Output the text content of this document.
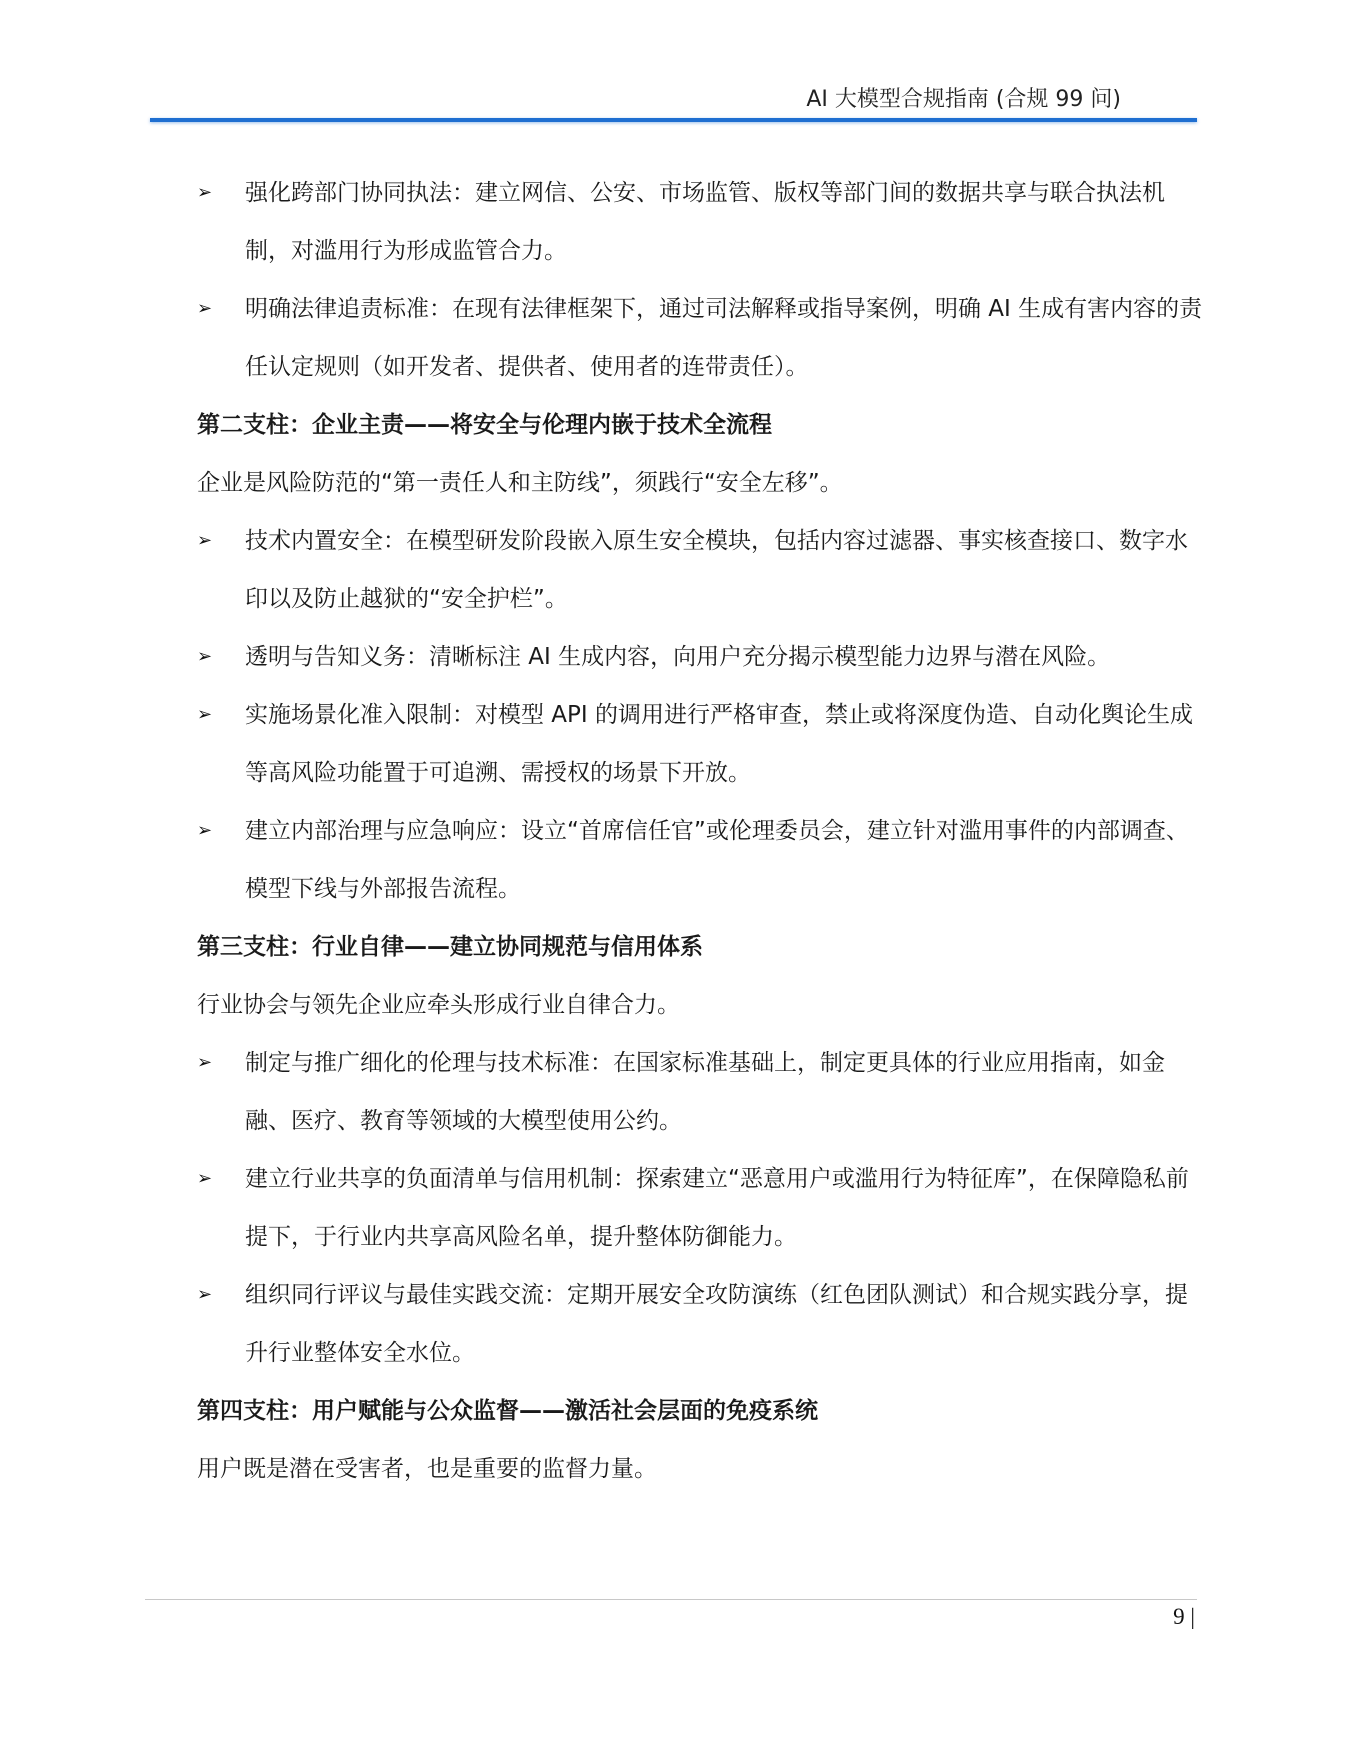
AI 大模型合规指南 (合规 99 问)
➢ 强化跨部门协同执法：建立网信、公安、市场监管、版权等部门间的数据共享与联合执法机制，对滥用行为形成监管合力。
➢ 明确法律追责标准：在现有法律框架下，通过司法解释或指导案例，明确 AI 生成有害内容的责任认定规则（如开发者、提供者、使用者的连带责任）。
第二支柱：企业主责——将安全与伦理内嵌于技术全流程
企业是风险防范的“第一责任人和主防线”，须践行“安全左移”。
➢ 技术内置安全：在模型研发阶段嵌入原生安全模块，包括内容过滤器、事实核查接口、数字水印以及防止越狱的“安全护栏”。
➢ 透明与告知义务：清晰标注 AI 生成内容，向用户充分揭示模型能力边界与潜在风险。
➢ 实施场景化准入限制：对模型 API 的调用进行严格审查，禁止或将深度伪造、自动化舆论生成等高风险功能置于可追溯、需授权的场景下开放。
➢ 建立内部治理与应急响应：设立“首席信任官”或伦理委员会，建立针对滥用事件的内部调查、模型下线与外部报告流程。
第三支柱：行业自律——建立协同规范与信用体系
行业协会与领先企业应牵头形成行业自律合力。
➢ 制定与推广细化的伦理与技术标准：在国家标准基础上，制定更具体的行业应用指南，如金融、医疗、教育等领域的大模型使用公约。
➢ 建立行业共享的负面清单与信用机制：探索建立“恶意用户或滥用行为特征库”，在保障隐私前提下，于行业内共享高风险名单，提升整体防御能力。
➢ 组织同行评议与最佳实践交流：定期开展安全攻防演练（红色团队测试）和合规实践分享，提升行业整体安全水位。
第四支柱：用户赋能与公众监督——激活社会层面的免疫系统
用户既是潜在受害者，也是重要的监督力量。
9 |
